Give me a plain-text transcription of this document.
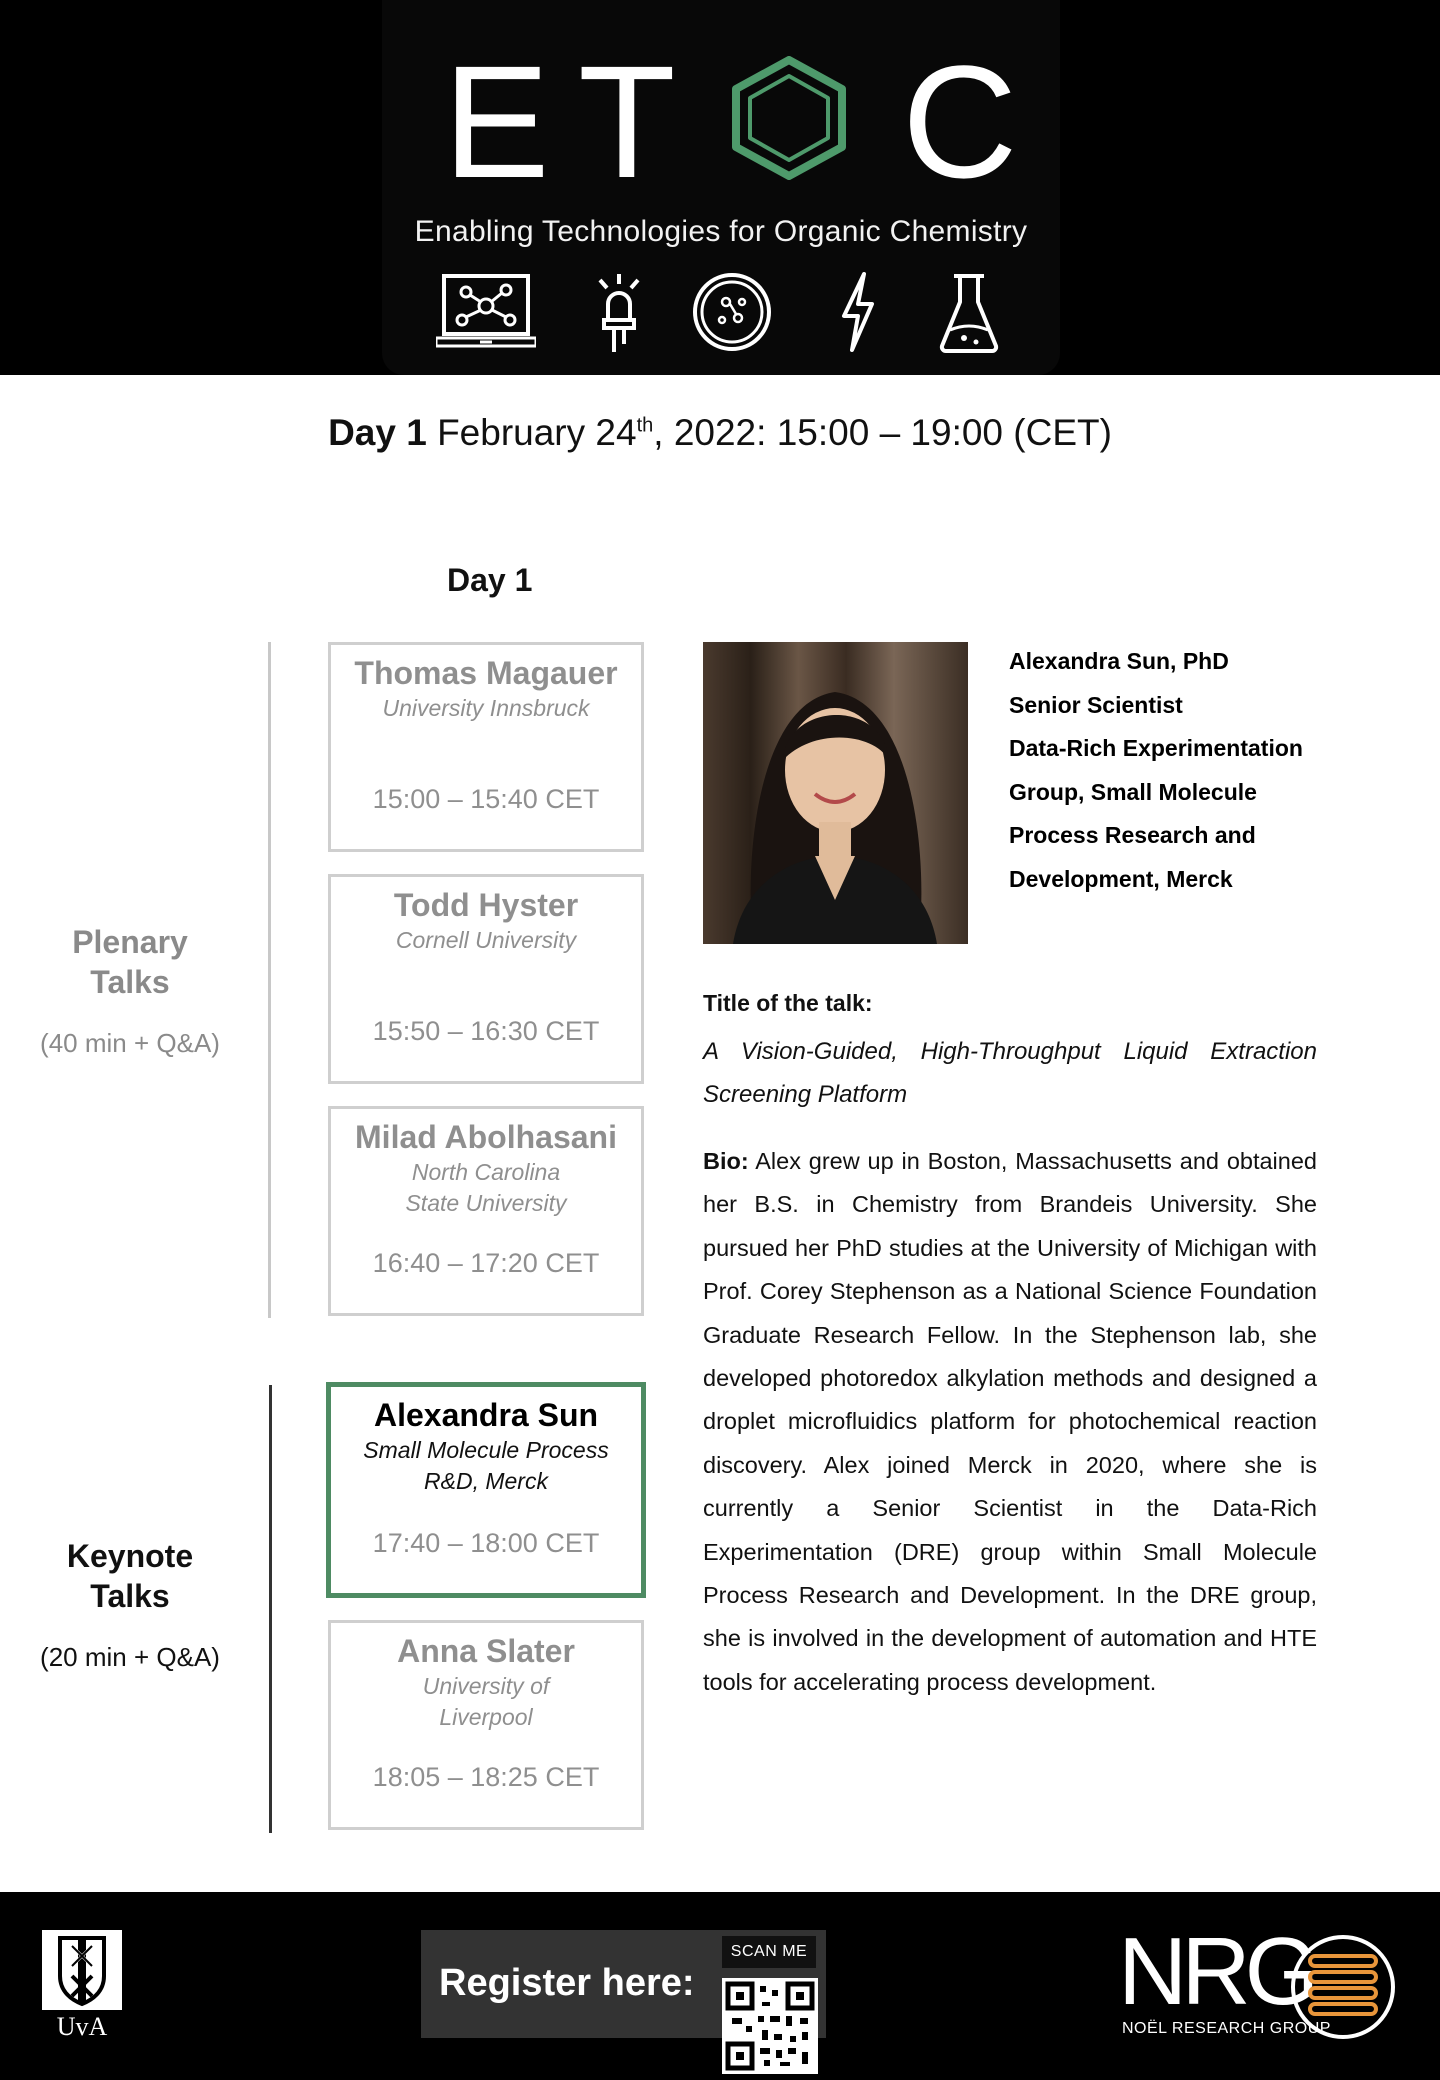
E T C
Enabling Technologies for Organic Chemistry
Day 1 February 24th, 2022: 15:00 – 19:00 (CET)
Day 1
Plenary
Talks
(40 min + Q&A)
Keynote
Talks
(20 min + Q&A)
Thomas Magauer
University Innsbruck
15:00 – 15:40 CET
Todd Hyster
Cornell University
15:50 – 16:30 CET
Milad Abolhasani
North Carolina
State University
16:40 – 17:20 CET
Alexandra Sun
Small Molecule Process
R&D, Merck
17:40 – 18:00 CET
Anna Slater
University of
Liverpool
18:05 – 18:25 CET
Alexandra Sun, PhD
Senior Scientist
Data-Rich Experimentation
Group, Small Molecule
Process Research and
Development, Merck
Title of the talk:
A Vision-Guided, High-Throughput Liquid Extraction Screening Platform
Bio: Alex grew up in Boston, Massachusetts and obtained her B.S. in Chemistry from Brandeis University. She pursued her PhD studies at the University of Michigan with Prof. Corey Stephenson as a National Science Foundation Graduate Research Fellow. In the Stephenson lab, she developed photoredox alkylation methods and designed a droplet microfluidics platform for photochemical reaction discovery. Alex joined Merck in 2020, where she is currently a Senior Scientist in the Data-Rich Experimentation (DRE) group within Small Molecule Process Research and Development. In the DRE group, she is involved in the development of automation and HTE tools for accelerating process development.
UvA
Register here:
SCAN ME	NRG
NOËL RESEARCH GROUP
